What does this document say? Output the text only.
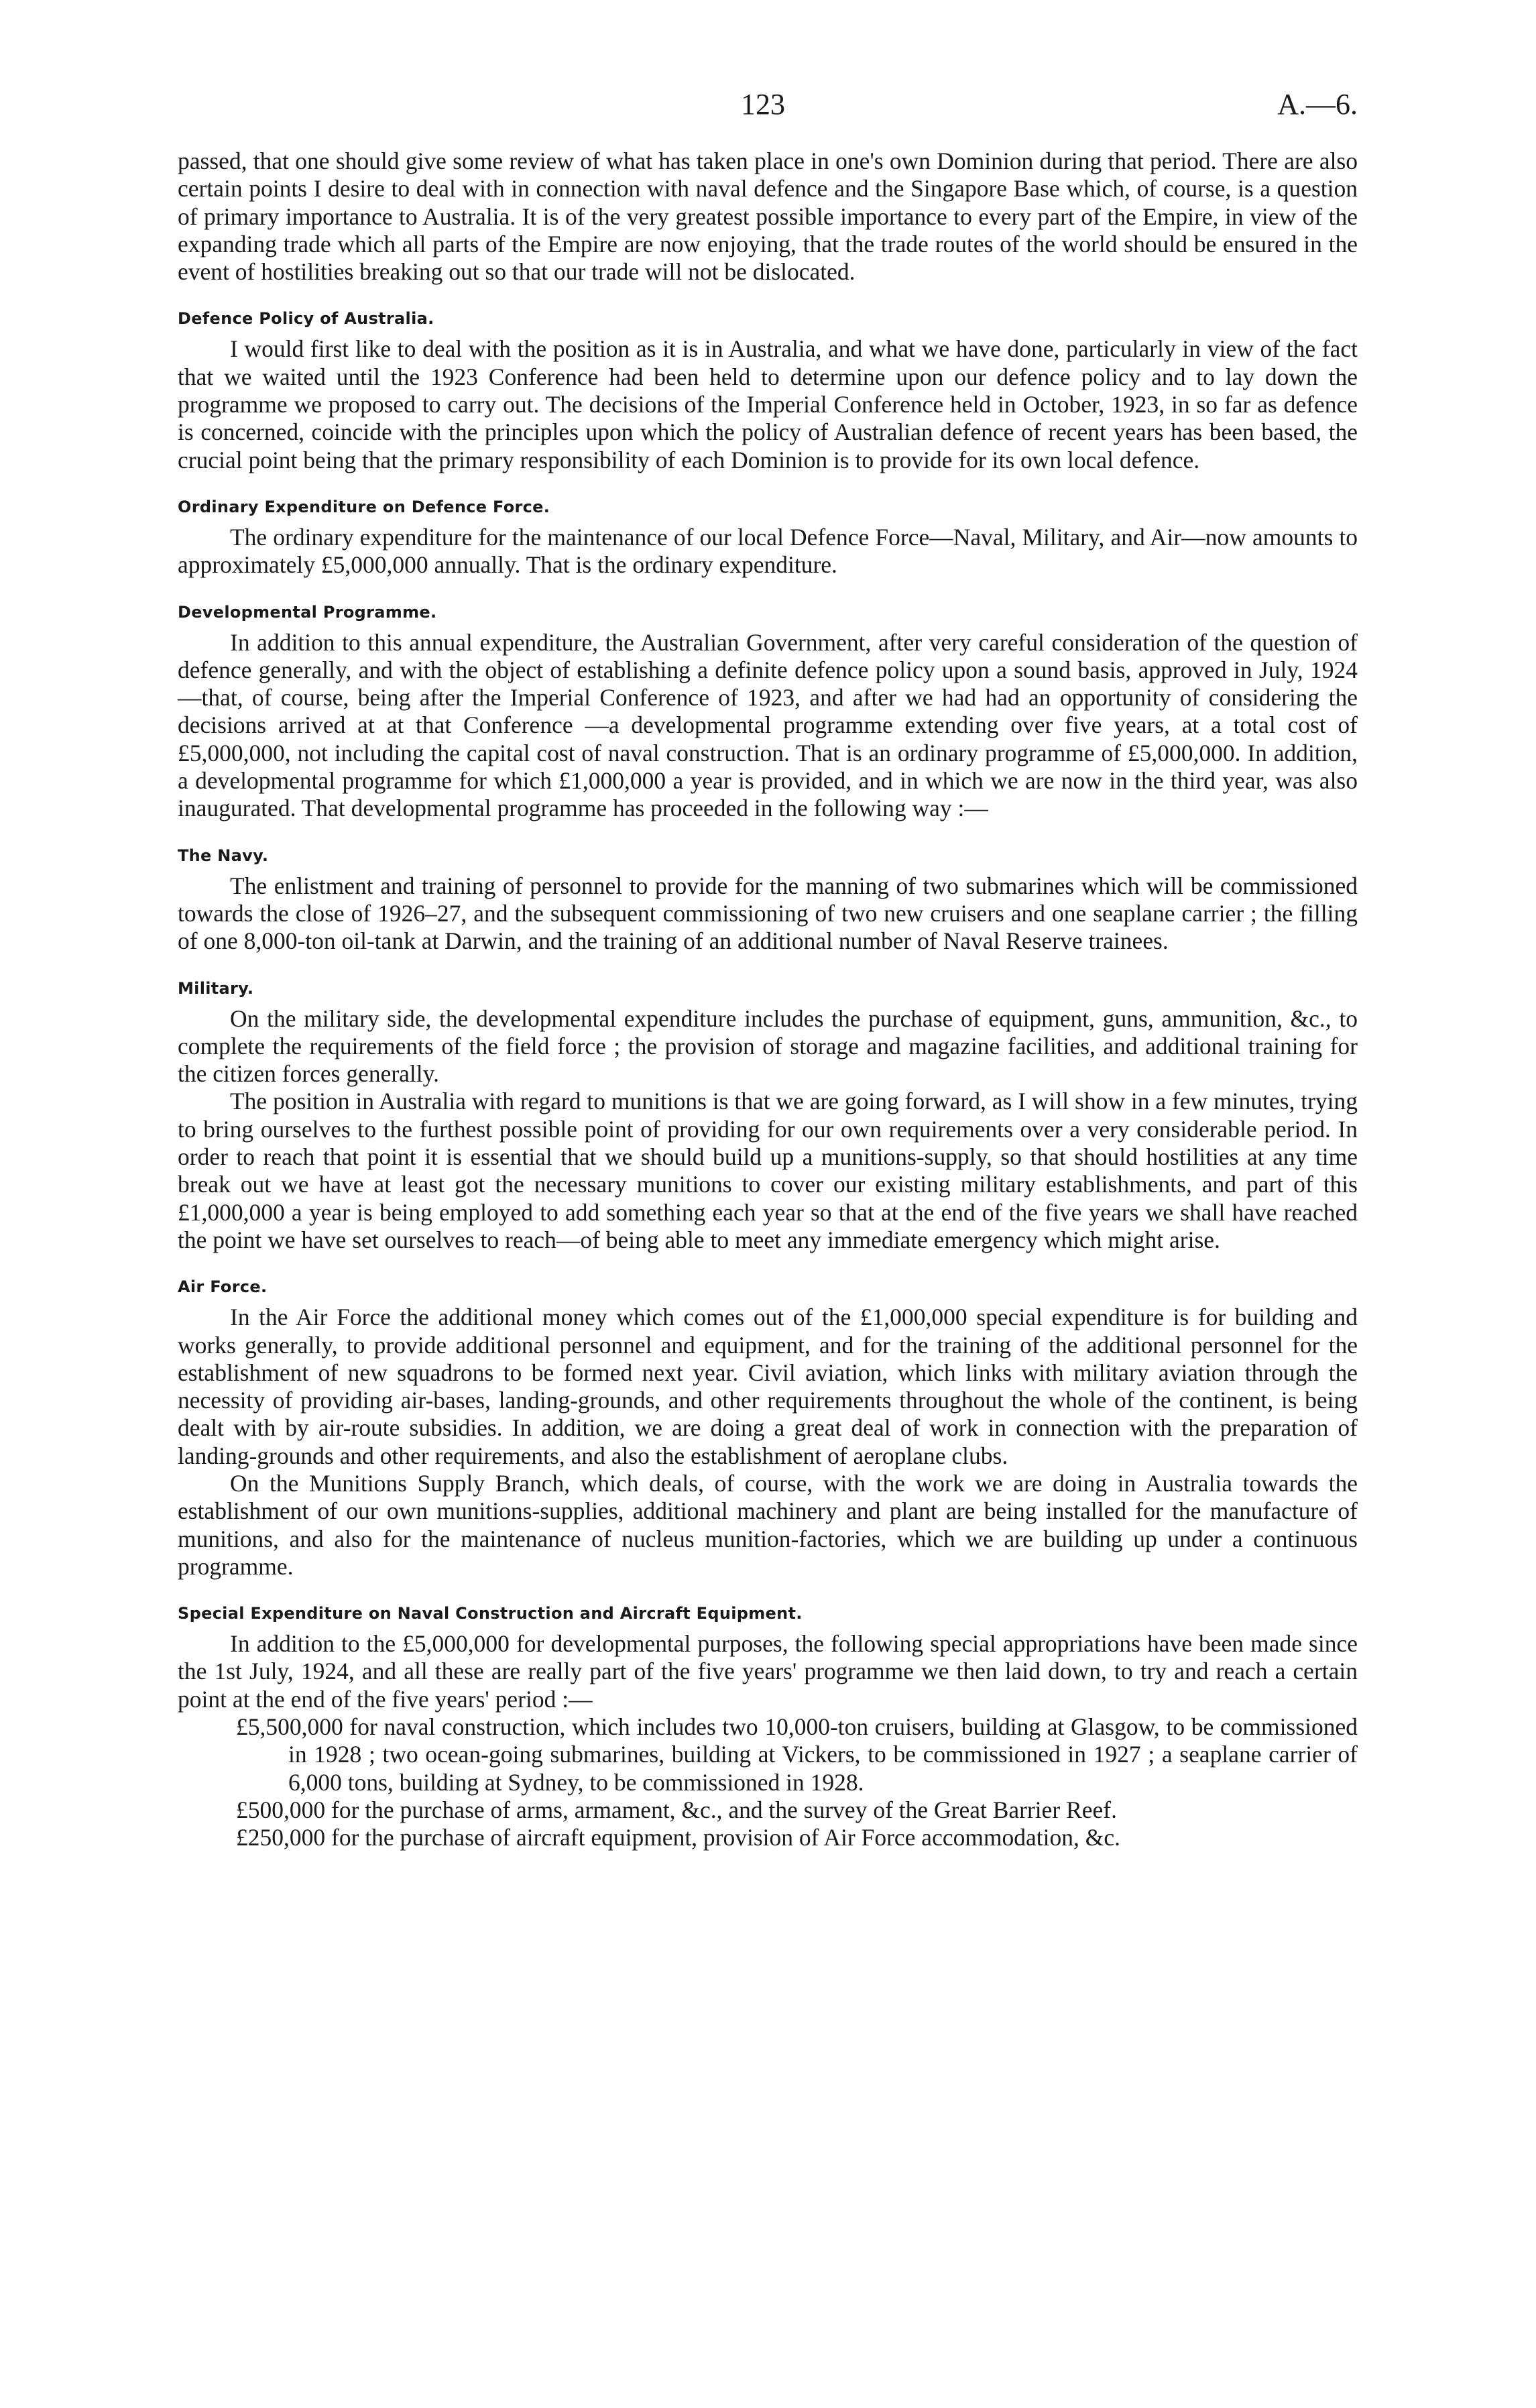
123	A.—6.

passed, that one should give some review of what has taken place in one's own Dominion during that period. There are also certain points I desire to deal with in connection with naval defence and the Singapore Base which, of course, is a question of primary importance to Australia. It is of the very greatest possible importance to every part of the Empire, in view of the expanding trade which all parts of the Empire are now enjoying, that the trade routes of the world should be ensured in the event of hostilities breaking out so that our trade will not be dislocated.

Defence Policy of Australia.

I would first like to deal with the position as it is in Australia, and what we have done, particularly in view of the fact that we waited until the 1923 Conference had been held to determine upon our defence policy and to lay down the programme we proposed to carry out. The decisions of the Imperial Conference held in October, 1923, in so far as defence is concerned, coincide with the principles upon which the policy of Australian defence of recent years has been based, the crucial point being that the primary responsibility of each Dominion is to provide for its own local defence.

Ordinary Expenditure on Defence Force.

The ordinary expenditure for the maintenance of our local Defence Force—Naval, Military, and Air—now amounts to approximately £5,000,000 annually. That is the ordinary expenditure.

Developmental Programme.

In addition to this annual expenditure, the Australian Government, after very careful consideration of the question of defence generally, and with the object of establishing a definite defence policy upon a sound basis, approved in July, 1924—that, of course, being after the Imperial Conference of 1923, and after we had had an opportunity of considering the decisions arrived at at that Conference —a developmental programme extending over five years, at a total cost of £5,000,000, not including the capital cost of naval construction. That is an ordinary programme of £5,000,000. In addition, a developmental programme for which £1,000,000 a year is provided, and in which we are now in the third year, was also inaugurated. That developmental programme has proceeded in the following way :—

The Navy.

The enlistment and training of personnel to provide for the manning of two submarines which will be commissioned towards the close of 1926–27, and the subsequent commissioning of two new cruisers and one seaplane carrier ; the filling of one 8,000-ton oil-tank at Darwin, and the training of an additional number of Naval Reserve trainees.

Military.

On the military side, the developmental expenditure includes the purchase of equipment, guns, ammunition, &c., to complete the requirements of the field force ; the provision of storage and magazine facilities, and additional training for the citizen forces generally.

The position in Australia with regard to munitions is that we are going forward, as I will show in a few minutes, trying to bring ourselves to the furthest possible point of providing for our own requirements over a very considerable period. In order to reach that point it is essential that we should build up a munitions-supply, so that should hostilities at any time break out we have at least got the necessary munitions to cover our existing military establishments, and part of this £1,000,000 a year is being employed to add something each year so that at the end of the five years we shall have reached the point we have set ourselves to reach—of being able to meet any immediate emergency which might arise.

Air Force.

In the Air Force the additional money which comes out of the £1,000,000 special expenditure is for building and works generally, to provide additional personnel and equipment, and for the training of the additional personnel for the establishment of new squadrons to be formed next year. Civil aviation, which links with military aviation through the necessity of providing air-bases, landing-grounds, and other requirements throughout the whole of the continent, is being dealt with by air-route subsidies. In addition, we are doing a great deal of work in connection with the preparation of landing-grounds and other requirements, and also the establishment of aeroplane clubs.

On the Munitions Supply Branch, which deals, of course, with the work we are doing in Australia towards the establishment of our own munitions-supplies, additional machinery and plant are being installed for the manufacture of munitions, and also for the maintenance of nucleus munition-factories, which we are building up under a continuous programme.

Special Expenditure on Naval Construction and Aircraft Equipment.

In addition to the £5,000,000 for developmental purposes, the following special appropriations have been made since the 1st July, 1924, and all these are really part of the five years' programme we then laid down, to try and reach a certain point at the end of the five years' period :—

£5,500,000 for naval construction, which includes two 10,000-ton cruisers, building at Glasgow, to be commissioned in 1928 ; two ocean-going submarines, building at Vickers, to be commissioned in 1927 ; a seaplane carrier of 6,000 tons, building at Sydney, to be commissioned in 1928.
£500,000 for the purchase of arms, armament, &c., and the survey of the Great Barrier Reef.
£250,000 for the purchase of aircraft equipment, provision of Air Force accommodation, &c.
